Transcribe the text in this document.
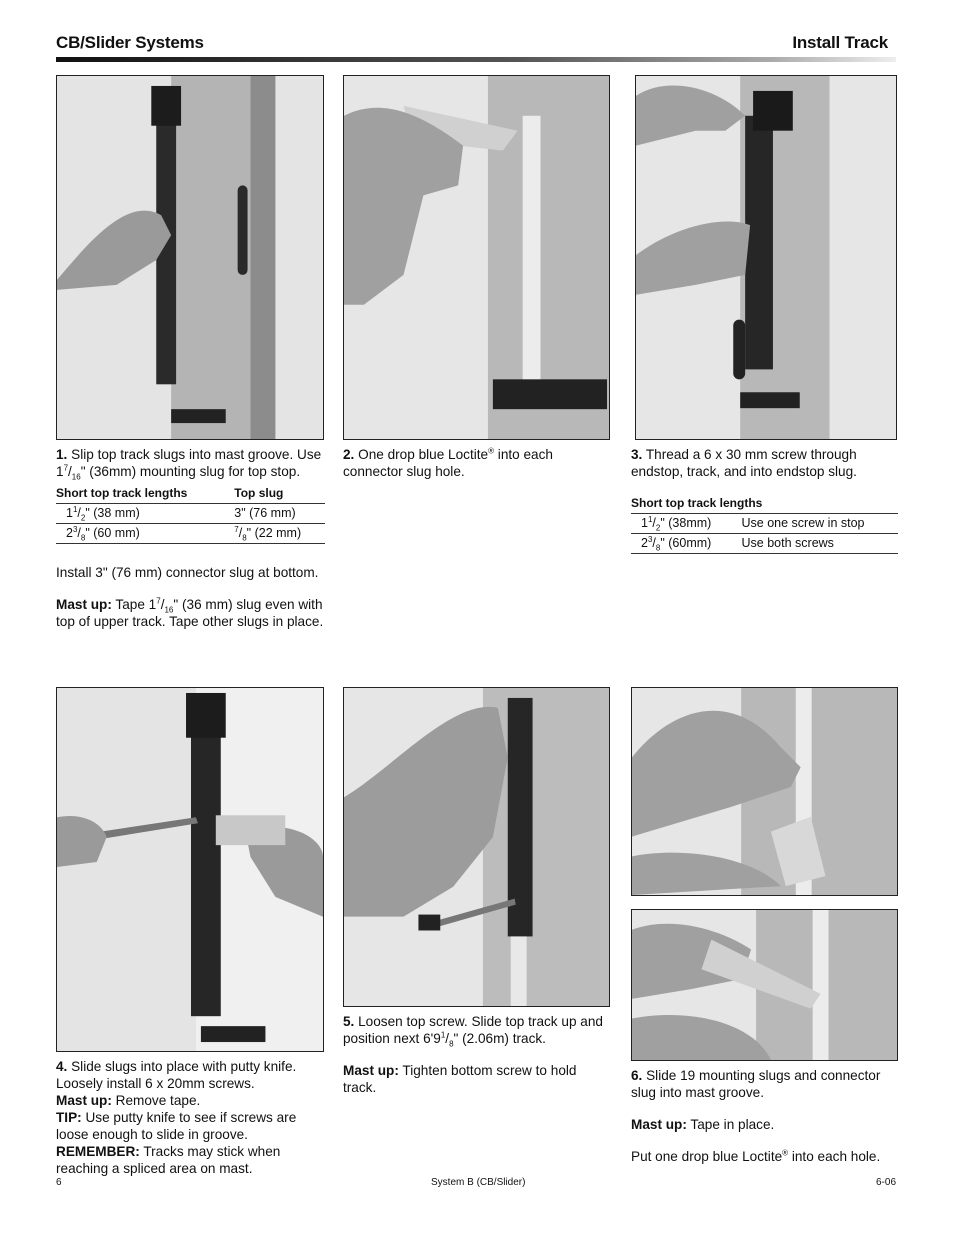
CB/Slider Systems	Install Track

1. Slip top track slugs into mast groove. Use $1^7/_{16}$" (36mm) mounting slug for top stop.

Short top track lengths	Top slug
$1^1/_2$" (38 mm)	3" (76 mm)
$2^3/_8$" (60 mm)	$^7/_8$" (22 mm)

Install 3" (76 mm) connector slug at bottom.

Mast up: Tape $1^7/_{16}$" (36 mm) slug even with top of upper track. Tape other slugs in place.

2. One drop blue Loctite® into each connector slug hole.

3. Thread a 6 x 30 mm screw through endstop, track, and into endstop slug.

Short top track lengths	
$1^1/_2$" (38mm)	Use one screw in stop
$2^3/_8$" (60mm)	Use both screws

5. Loosen top screw. Slide top track up and position next $6'9^1/_8$" (2.06m) track.

Mast up: Tighten bottom screw to hold track.

4. Slide slugs into place with putty knife. Loosely install 6 x 20mm screws.

Mast up: Remove tape.

TIP: Use putty knife to see if screws are loose enough to slide in groove.

REMEMBER: Tracks may stick when reaching a spliced area on mast.

6. Slide 19 mounting slugs and connector slug into mast groove.

Mast up: Tape in place.

Put one drop blue Loctite® into each hole.

6	System B (CB/Slider)	6-06
